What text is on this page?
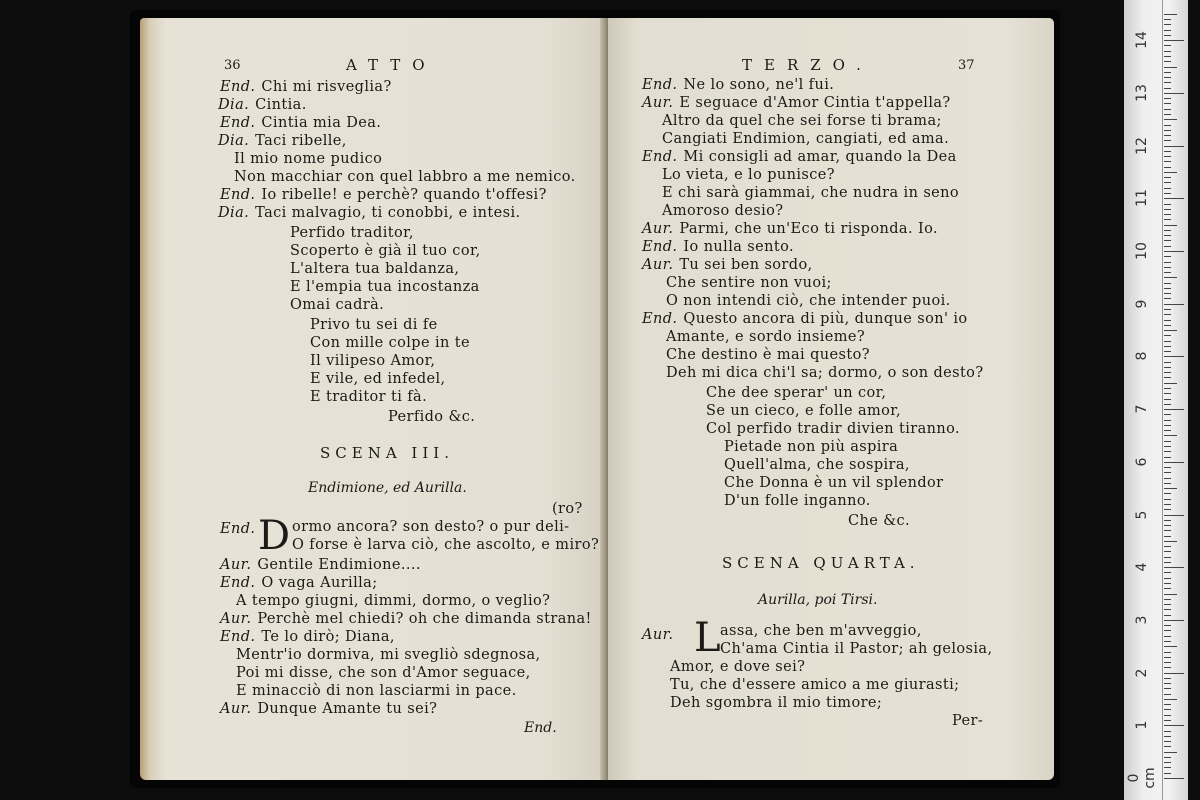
36	ATTO
End. Chi mi risveglia?
Dia. Cintia.
End. Cintia mia Dea.
Dia. Taci ribelle,
Il mio nome pudico
Non macchiar con quel labbro a me nemico.
End. Io ribelle! e perchè? quando t'offesi?
Dia. Taci malvagio, ti conobbi, e intesi.
Perfido traditor,
Scoperto è già il tuo cor,
L'altera tua baldanza,
E l'empia tua incostanza
Omai cadrà.
Privo tu sei di fe
Con mille colpe in te
Il vilipeso Amor,
E vile, ed infedel,
E traditor ti fà.
Perfido &c.
SCENA III.
Endimione, ed Aurilla.
(ro?
End. D ormo ancora? son desto? o pur deli-
O forse è larva ciò, che ascolto, e miro?
Aur. Gentile Endimione....
End. O vaga Aurilla;
A tempo giugni, dimmi, dormo, o veglio?
Aur. Perchè mel chiedi? oh che dimanda strana!
End. Te lo dirò; Diana,
Mentr'io dormiva, mi svegliò sdegnosa,
Poi mi disse, che son d'Amor seguace,
E minacciò di non lasciarmi in pace.
Aur. Dunque Amante tu sei?
End.
TERZO.	37
End. Ne lo sono, ne'l fui.
Aur. E seguace d'Amor Cintia t'appella?
Altro da quel che sei forse ti brama;
Cangiati Endimion, cangiati, ed ama.
End. Mi consigli ad amar, quando la Dea
Lo vieta, e lo punisce?
E chi sarà giammai, che nudra in seno
Amoroso desio?
Aur. Parmi, che un'Eco ti risponda. Io.
End. Io nulla sento.
Aur. Tu sei ben sordo,
Che sentire non vuoi;
O non intendi ciò, che intender puoi.
End. Questo ancora di più, dunque son' io
Amante, e sordo insieme?
Che destino è mai questo?
Deh mi dica chi'l sa; dormo, o son desto?
Che dee sperar' un cor,
Se un cieco, e folle amor,
Col perfido tradir divien tiranno.
Pietade non più aspira
Quell'alma, che sospira,
Che Donna è un vil splendor
D'un folle inganno.
Che &c.
SCENA QUARTA.
Aurilla, poi Tirsi.
Aur. L assa, che ben m'avveggio,
Ch'ama Cintia il Pastor; ah gelosia,
Amor, e dove sei?
Tu, che d'essere amico a me giurasti;
Deh sgombra il mio timore;
Per-	1
2
3
4
5
6
7
8
9
10
11
12
13
14
0 cm
